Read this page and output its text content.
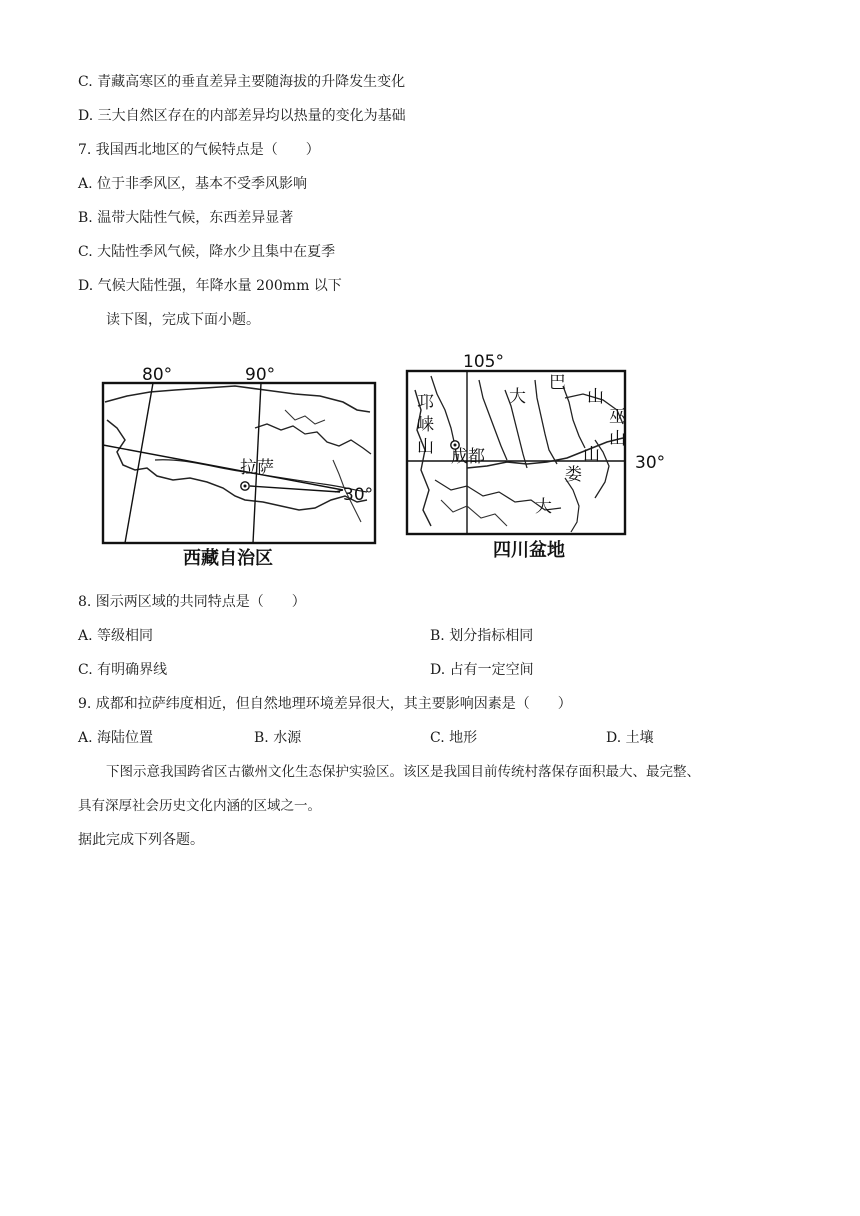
C. 青藏高寒区的垂直差异主要随海拔的升降发生变化
D. 三大自然区存在的内部差异均以热量的变化为基础
7. 我国西北地区的气候特点是（　　）
A. 位于非季风区，基本不受季风影响
B. 温带大陆性气候，东西差异显著
C. 大陆性季风气候，降水少且集中在夏季
D. 气候大陆性强，年降水量 200mm 以下
读下图，完成下面小题。
80°	90°
30°
拉萨
西藏自治区
105°
30°
成都
邛
崃
山
大
巴
山
巫
山
山
娄
大
四川盆地
8. 图示两区域的共同特点是（　　）
A. 等级相同	B. 划分指标相同
C. 有明确界线	D. 占有一定空间
9. 成都和拉萨纬度相近，但自然地理环境差异很大，其主要影响因素是（　　）
A. 海陆位置	B. 水源	C. 地形	D. 土壤
下图示意我国跨省区古徽州文化生态保护实验区。该区是我国目前传统村落保存面积最大、最完整、
具有深厚社会历史文化内涵的区域之一。
据此完成下列各题。
